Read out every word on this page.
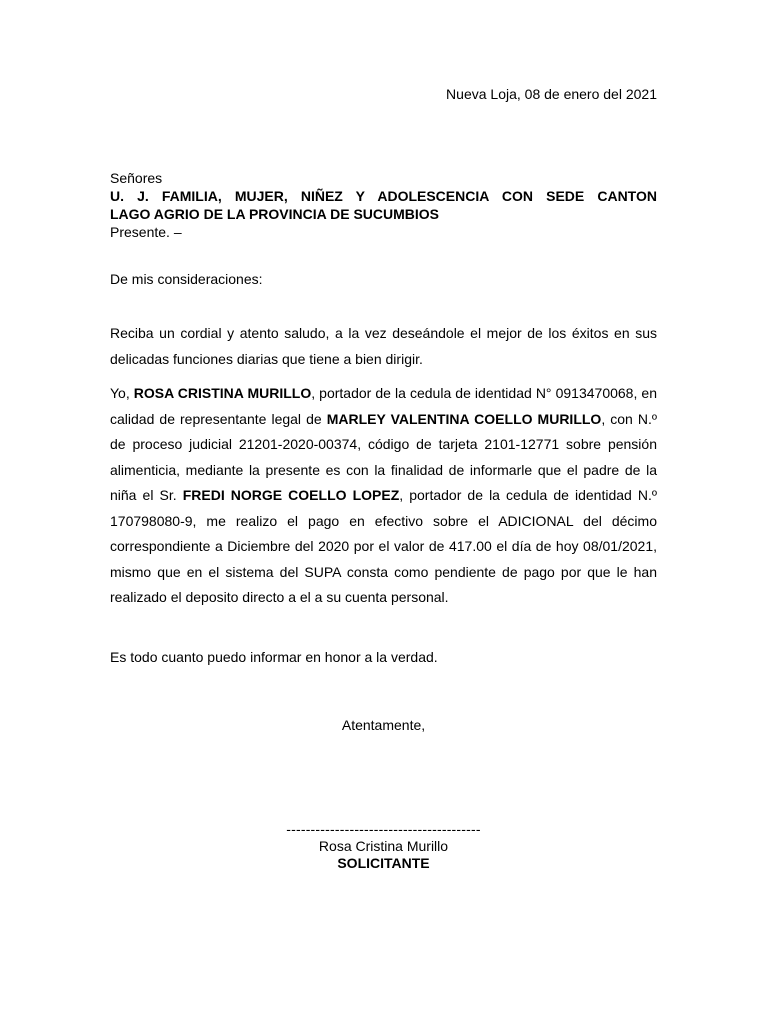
Nueva Loja, 08 de enero del 2021
Señores
U. J. FAMILIA, MUJER, NIÑEZ Y ADOLESCENCIA CON SEDE CANTON
LAGO AGRIO DE LA PROVINCIA DE SUCUMBIOS
Presente. –
De mis consideraciones:

Reciba un cordial y atento saludo, a la vez deseándole el mejor de los éxitos en sus delicadas funciones diarias que tiene a bien dirigir.

Yo, ROSA CRISTINA MURILLO, portador de la cedula de identidad N° 0913470068, en calidad de representante legal de MARLEY VALENTINA COELLO MURILLO, con N.º de proceso judicial 21201-2020-00374, código de tarjeta 2101-12771 sobre pensión alimenticia, mediante la presente es con la finalidad de informarle que el padre de la niña el Sr. FREDI NORGE COELLO LOPEZ, portador de la cedula de identidad N.º 170798080-9, me realizo el pago en efectivo sobre el ADICIONAL del décimo correspondiente a Diciembre del 2020 por el valor de 417.00 el día de hoy 08/01/2021, mismo que en el sistema del SUPA consta como pendiente de pago por que le han realizado el deposito directo a el a su cuenta personal.

Es todo cuanto puedo informar en honor a la verdad.

Atentamente,
----------------------------------------
Rosa Cristina Murillo
SOLICITANTE
